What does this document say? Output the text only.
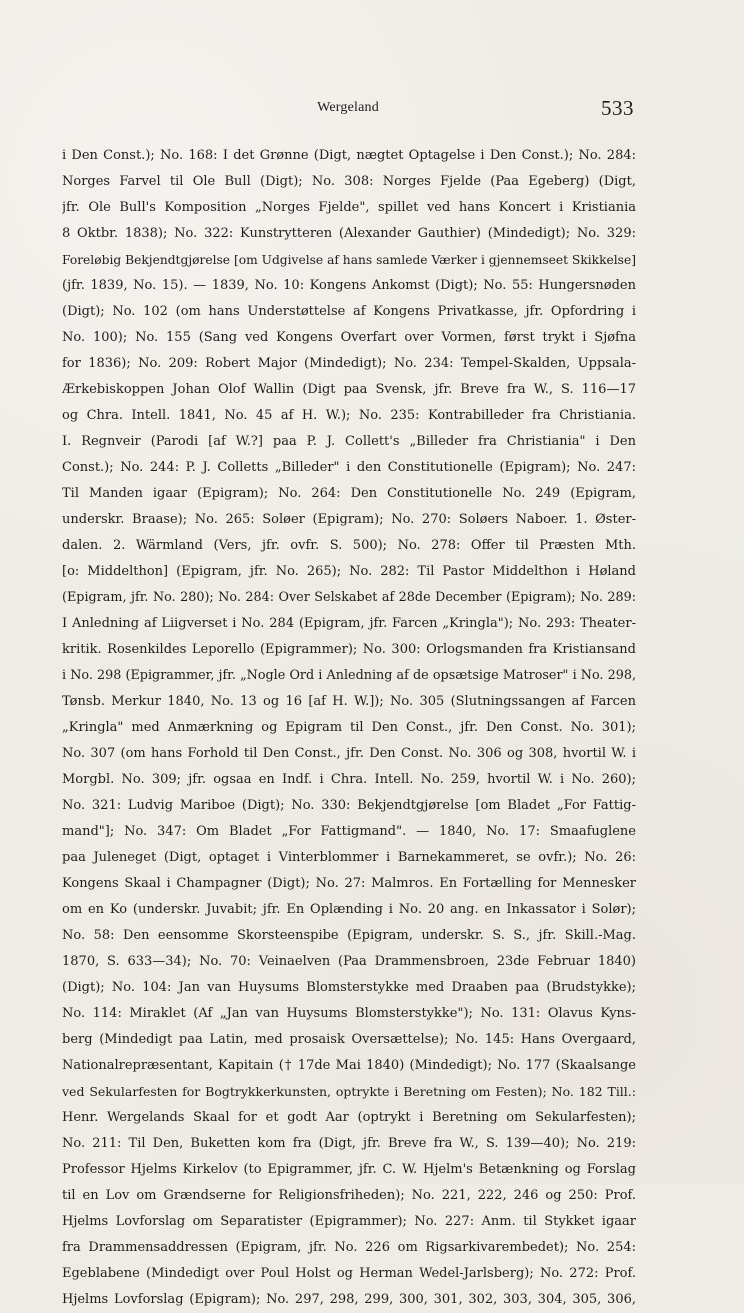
Wergeland	533
i Den Const.); No. 168: I det Grønne (Digt, nægtet Optagelse i Den Const.); No. 284:
Norges Farvel til Ole Bull (Digt); No. 308: Norges Fjelde (Paa Egeberg) (Digt,
jfr. Ole Bull's Komposition „Norges Fjelde", spillet ved hans Koncert i Kristiania
8 Oktbr. 1838); No. 322: Kunstrytteren (Alexander Gauthier) (Mindedigt); No. 329:
Foreløbig Bekjendtgjørelse [om Udgivelse af hans samlede Værker i gjennemseet Skikkelse]
(jfr. 1839, No. 15). — 1839, No. 10: Kongens Ankomst (Digt); No. 55: Hungersnøden
(Digt); No. 102 (om hans Understøttelse af Kongens Privatkasse, jfr. Opfordring i
No. 100); No. 155 (Sang ved Kongens Overfart over Vormen, først trykt i Sjøfna
for 1836); No. 209: Robert Major (Mindedigt); No. 234: Tempel-Skalden, Uppsala-
Ærkebiskoppen Johan Olof Wallin (Digt paa Svensk, jfr. Breve fra W., S. 116—17
og Chra. Intell. 1841, No. 45 af H. W.); No. 235: Kontrabilleder fra Christiania.
I. Regnveir (Parodi [af W.?] paa P. J. Collett's „Billeder fra Christiania" i Den
Const.); No. 244: P. J. Colletts „Billeder" i den Constitutionelle (Epigram); No. 247:
Til Manden igaar (Epigram); No. 264: Den Constitutionelle No. 249 (Epigram,
underskr. Braase); No. 265: Soløer (Epigram); No. 270: Soløers Naboer. 1. Øster-
dalen. 2. Wärmland (Vers, jfr. ovfr. S. 500); No. 278: Offer til Præsten Mth.
[o: Middelthon] (Epigram, jfr. No. 265); No. 282: Til Pastor Middelthon i Høland
(Epigram, jfr. No. 280); No. 284: Over Selskabet af 28de December (Epigram); No. 289:
I Anledning af Liigverset i No. 284 (Epigram, jfr. Farcen „Kringla"); No. 293: Theater-
kritik. Rosenkildes Leporello (Epigrammer); No. 300: Orlogsmanden fra Kristiansand
i No. 298 (Epigrammer, jfr. „Nogle Ord i Anledning af de opsætsige Matroser" i No. 298,
Tønsb. Merkur 1840, No. 13 og 16 [af H. W.]); No. 305 (Slutningssangen af Farcen
„Kringla" med Anmærkning og Epigram til Den Const., jfr. Den Const. No. 301);
No. 307 (om hans Forhold til Den Const., jfr. Den Const. No. 306 og 308, hvortil W. i
Morgbl. No. 309; jfr. ogsaa en Indf. i Chra. Intell. No. 259, hvortil W. i No. 260);
No. 321: Ludvig Mariboe (Digt); No. 330: Bekjendtgjørelse [om Bladet „For Fattig-
mand"]; No. 347: Om Bladet „For Fattigmand". — 1840, No. 17: Smaafuglene
paa Juleneget (Digt, optaget i Vinterblommer i Barnekammeret, se ovfr.); No. 26:
Kongens Skaal i Champagner (Digt); No. 27: Malmros. En Fortælling for Mennesker
om en Ko (underskr. Juvabit; jfr. En Oplænding i No. 20 ang. en Inkassator i Solør);
No. 58: Den eensomme Skorsteenspibe (Epigram, underskr. S. S., jfr. Skill.-Mag.
1870, S. 633—34); No. 70: Veinaelven (Paa Drammensbroen, 23de Februar 1840)
(Digt); No. 104: Jan van Huysums Blomsterstykke med Draaben paa (Brudstykke);
No. 114: Miraklet (Af „Jan van Huysums Blomsterstykke"); No. 131: Olavus Kyns-
berg (Mindedigt paa Latin, med prosaisk Oversættelse); No. 145: Hans Overgaard,
Nationalrepræsentant, Kapitain († 17de Mai 1840) (Mindedigt); No. 177 (Skaalsange
ved Sekularfesten for Bogtrykkerkunsten, optrykte i Beretning om Festen); No. 182 Till.:
Henr. Wergelands Skaal for et godt Aar (optrykt i Beretning om Sekularfesten);
No. 211: Til Den, Buketten kom fra (Digt, jfr. Breve fra W., S. 139—40); No. 219:
Professor Hjelms Kirkelov (to Epigrammer, jfr. C. W. Hjelm's Betænkning og Forslag
til en Lov om Grændserne for Religionsfriheden); No. 221, 222, 246 og 250: Prof.
Hjelms Lovforslag om Separatister (Epigrammer); No. 227: Anm. til Stykket igaar
fra Drammensaddressen (Epigram, jfr. No. 226 om Rigsarkivarembedet); No. 254:
Egeblabene (Mindedigt over Poul Holst og Herman Wedel-Jarlsberg); No. 272: Prof.
Hjelms Lovforslag (Epigram); No. 297, 298, 299, 300, 301, 302, 303, 304, 305, 306,
